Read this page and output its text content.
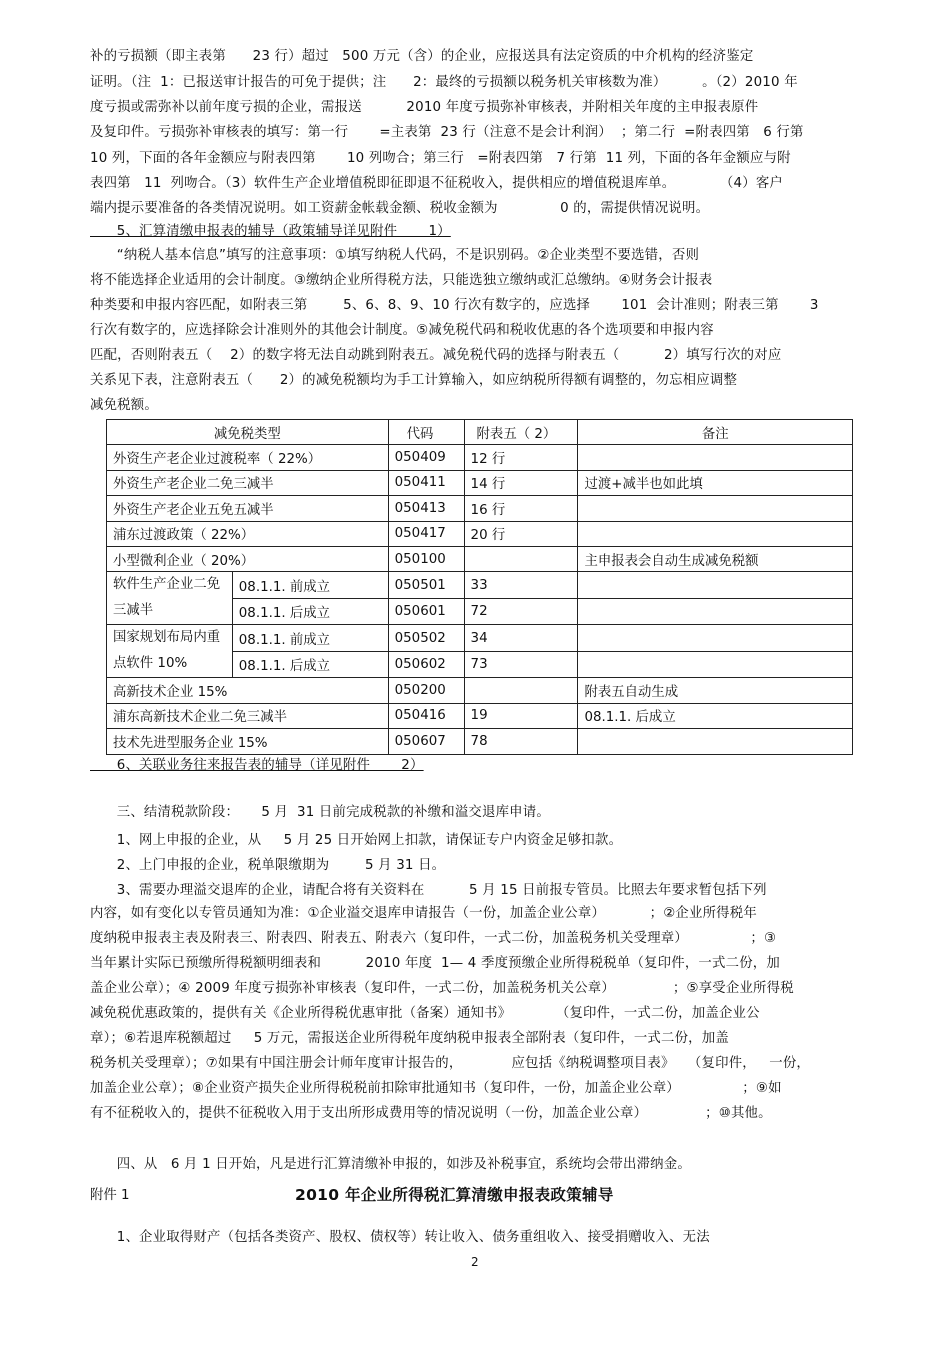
补的亏损额（即主表第      23 行）超过   500 万元（含）的企业，应报送具有法定资质的中介机构的经济鉴定
证明。（注  1：已报送审计报告的可免于提供；注      2：最终的亏损额以税务机关审核数为准）        。（2）2010 年
度亏损或需弥补以前年度亏损的企业，需报送          2010 年度亏损弥补审核表，并附相关年度的主申报表原件
及复印件。亏损弥补审核表的填写：第一行       =主表第  23 行（注意不是会计利润）  ；第二行  =附表四第   6 行第
10 列，下面的各年金额应与附表四第       10 列吻合；第三行   =附表四第   7 行第  11 列，下面的各年金额应与附
表四第   11  列吻合。（3）软件生产企业增值税即征即退不征税收入，提供相应的增值税退库单。          （4）客户
端内提示要准备的各类情况说明。如工资薪金帐载金额、税收金额为              0 的，需提供情况说明。
5、汇算清缴申报表的辅导（政策辅导详见附件       1）
“纳税人基本信息”填写的注意事项：①填写纳税人代码，不是识别码。②企业类型不要选错，否则
将不能选择企业适用的会计制度。③缴纳企业所得税方法，只能选独立缴纳或汇总缴纳。④财务会计报表
种类要和申报内容匹配，如附表三第        5、6、8、9、10 行次有数字的，应选择       101  会计准则；附表三第       3
行次有数字的，应选择除会计准则外的其他会计制度。⑤减免税代码和税收优惠的各个选项要和申报内容
匹配，否则附表五（    2）的数字将无法自动跳到附表五。减免税代码的选择与附表五（          2）填写行次的对应
关系见下表，注意附表五（      2）的减免税额均为手工计算输入，如应纳税所得额有调整的，勿忘相应调整
减免税额。
减免税类型		代码	附表五（ 2）	备注
外资生产老企业过渡税率（ 22%）		050409	12 行	
外资生产老企业二免三减半		050411	14 行	过渡+减半也如此填
外资生产老企业五免五减半		050413	16 行	
浦东过渡政策（ 22%）		050417	20 行	
小型微利企业（ 20%）		050100		主申报表会自动生成减免税额
软件生产企业二免三减半	08.1.1. 前成立	050501	33	
	08.1.1. 后成立	050601	72	
国家规划布局内重点软件 10%	08.1.1. 前成立	050502	34	
	08.1.1. 后成立	050602	73	
高新技术企业 15%		050200		附表五自动生成
浦东高新技术企业二免三减半		050416	19	08.1.1. 后成立
技术先进型服务企业 15%		050607	78	
6、关联业务往来报告表的辅导（详见附件       2）
三、结清税款阶段：     5 月  31 日前完成税款的补缴和溢交退库申请。
1、网上申报的企业，从     5 月 25 日开始网上扣款，请保证专户内资金足够扣款。
2、上门申报的企业，税单限缴期为        5 月 31 日。
3、需要办理溢交退库的企业，请配合将有关资料在          5 月 15 日前报专管员。比照去年要求暂包括下列
内容，如有变化以专管员通知为准：①企业溢交退库申请报告（一份，加盖企业公章）          ；②企业所得税年
度纳税申报表主表及附表三、附表四、附表五、附表六（复印件，一式二份，加盖税务机关受理章）              ；③
当年累计实际已预缴所得税额明细表和          2010 年度  1— 4 季度预缴企业所得税税单（复印件，一式二份，加
盖企业公章）；④ 2009 年度亏损弥补审核表（复印件，一式二份，加盖税务机关公章）             ；⑤享受企业所得税
减免税优惠政策的，提供有关《企业所得税优惠审批（备案）通知书》          （复印件，一式二份，加盖企业公
章）；⑥若退库税额超过     5 万元，需报送企业所得税年度纳税申报表全部附表（复印件，一式二份，加盖
税务机关受理章）；⑦如果有中国注册会计师年度审计报告的，           应包括《纳税调整项目表》   （复印件，   一份，
加盖企业公章）；⑧企业资产损失企业所得税税前扣除审批通知书（复印件，一份，加盖企业公章）              ；⑨如
有不征税收入的，提供不征税收入用于支出所形成费用等的情况说明（一份，加盖企业公章）             ；⑩其他。
四、从   6 月 1 日开始，凡是进行汇算清缴补申报的，如涉及补税事宜，系统均会带出滞纳金。
附件 1	2010 年企业所得税汇算清缴申报表政策辅导
1、企业取得财产（包括各类资产、股权、债权等）转让收入、债务重组收入、接受捐赠收入、无法
2
